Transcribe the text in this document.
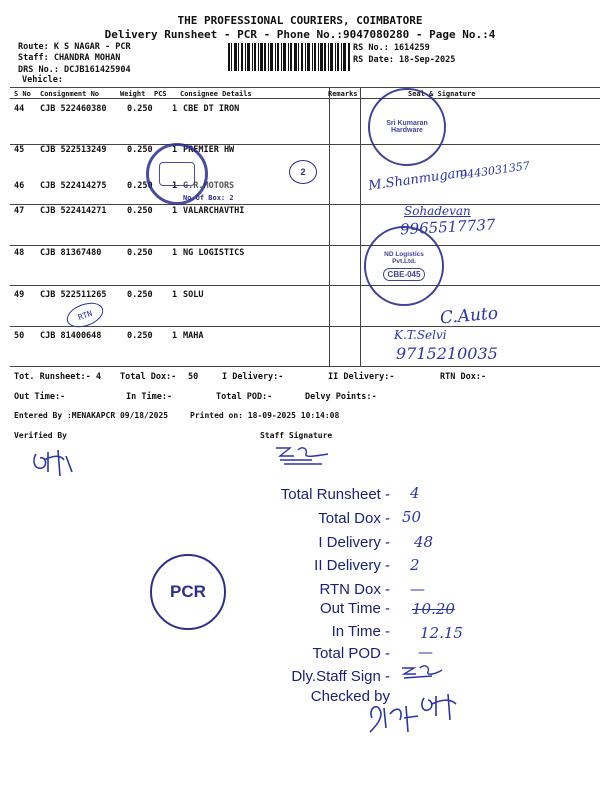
THE PROFESSIONAL COURIERS, COIMBATORE
Delivery Runsheet - PCR - Phone No.:9047080280 - Page No.:4
Route: K S NAGAR - PCR
Staff: CHANDRA MOHAN
DRS No.: DCJB161425904
Vehicle:
RS No.: 1614259
RS Date: 18-Sep-2025
S No Consignment No	Weight PCS Consignee Details	Remarks	Seal & Signature
44 CJB 522460380 0.250 1 CBE DT IRON
45 CJB 522513249 0.250 1 PREMIER HW
46 CJB 522414275 0.250 1 G.R.MOTORS
47 CJB 522414271 0.250 1 VALARCHAVTHI
48 CJB 81367480	0.250 1 NG LOGISTICS
49 CJB 522511265 0.250 1 SOLU
50 CJB 81400648	0.250 1 MAHA
No.Of Box: 2
2
RTN
Sri Kumaran Hardware
ND Logistics Pvt.Ltd.
CBE-045
M.Shanmugam
9443031357
Sohadevan
9965517737
C.Auto
K.T.Selvi
9715210035
Tot. Runsheet:- 4 Total Dox:- 50	I Delivery:-	II Delivery:-	RTN Dox:-
Out Time:-	In Time:-	Total POD:-	Delvy Points:-
Entered By :MENAKAPCR 09/18/2025	Printed on: 18-09-2025 10:14:08
Verified By	Staff Signature
PCR
Total Runsheet - 4
Total Dox - 50
I Delivery - 48
II Delivery - 2
RTN Dox - —
Out Time - 10.20
In Time - 12.15
Total POD - —
Dly.Staff Sign -
Checked by
